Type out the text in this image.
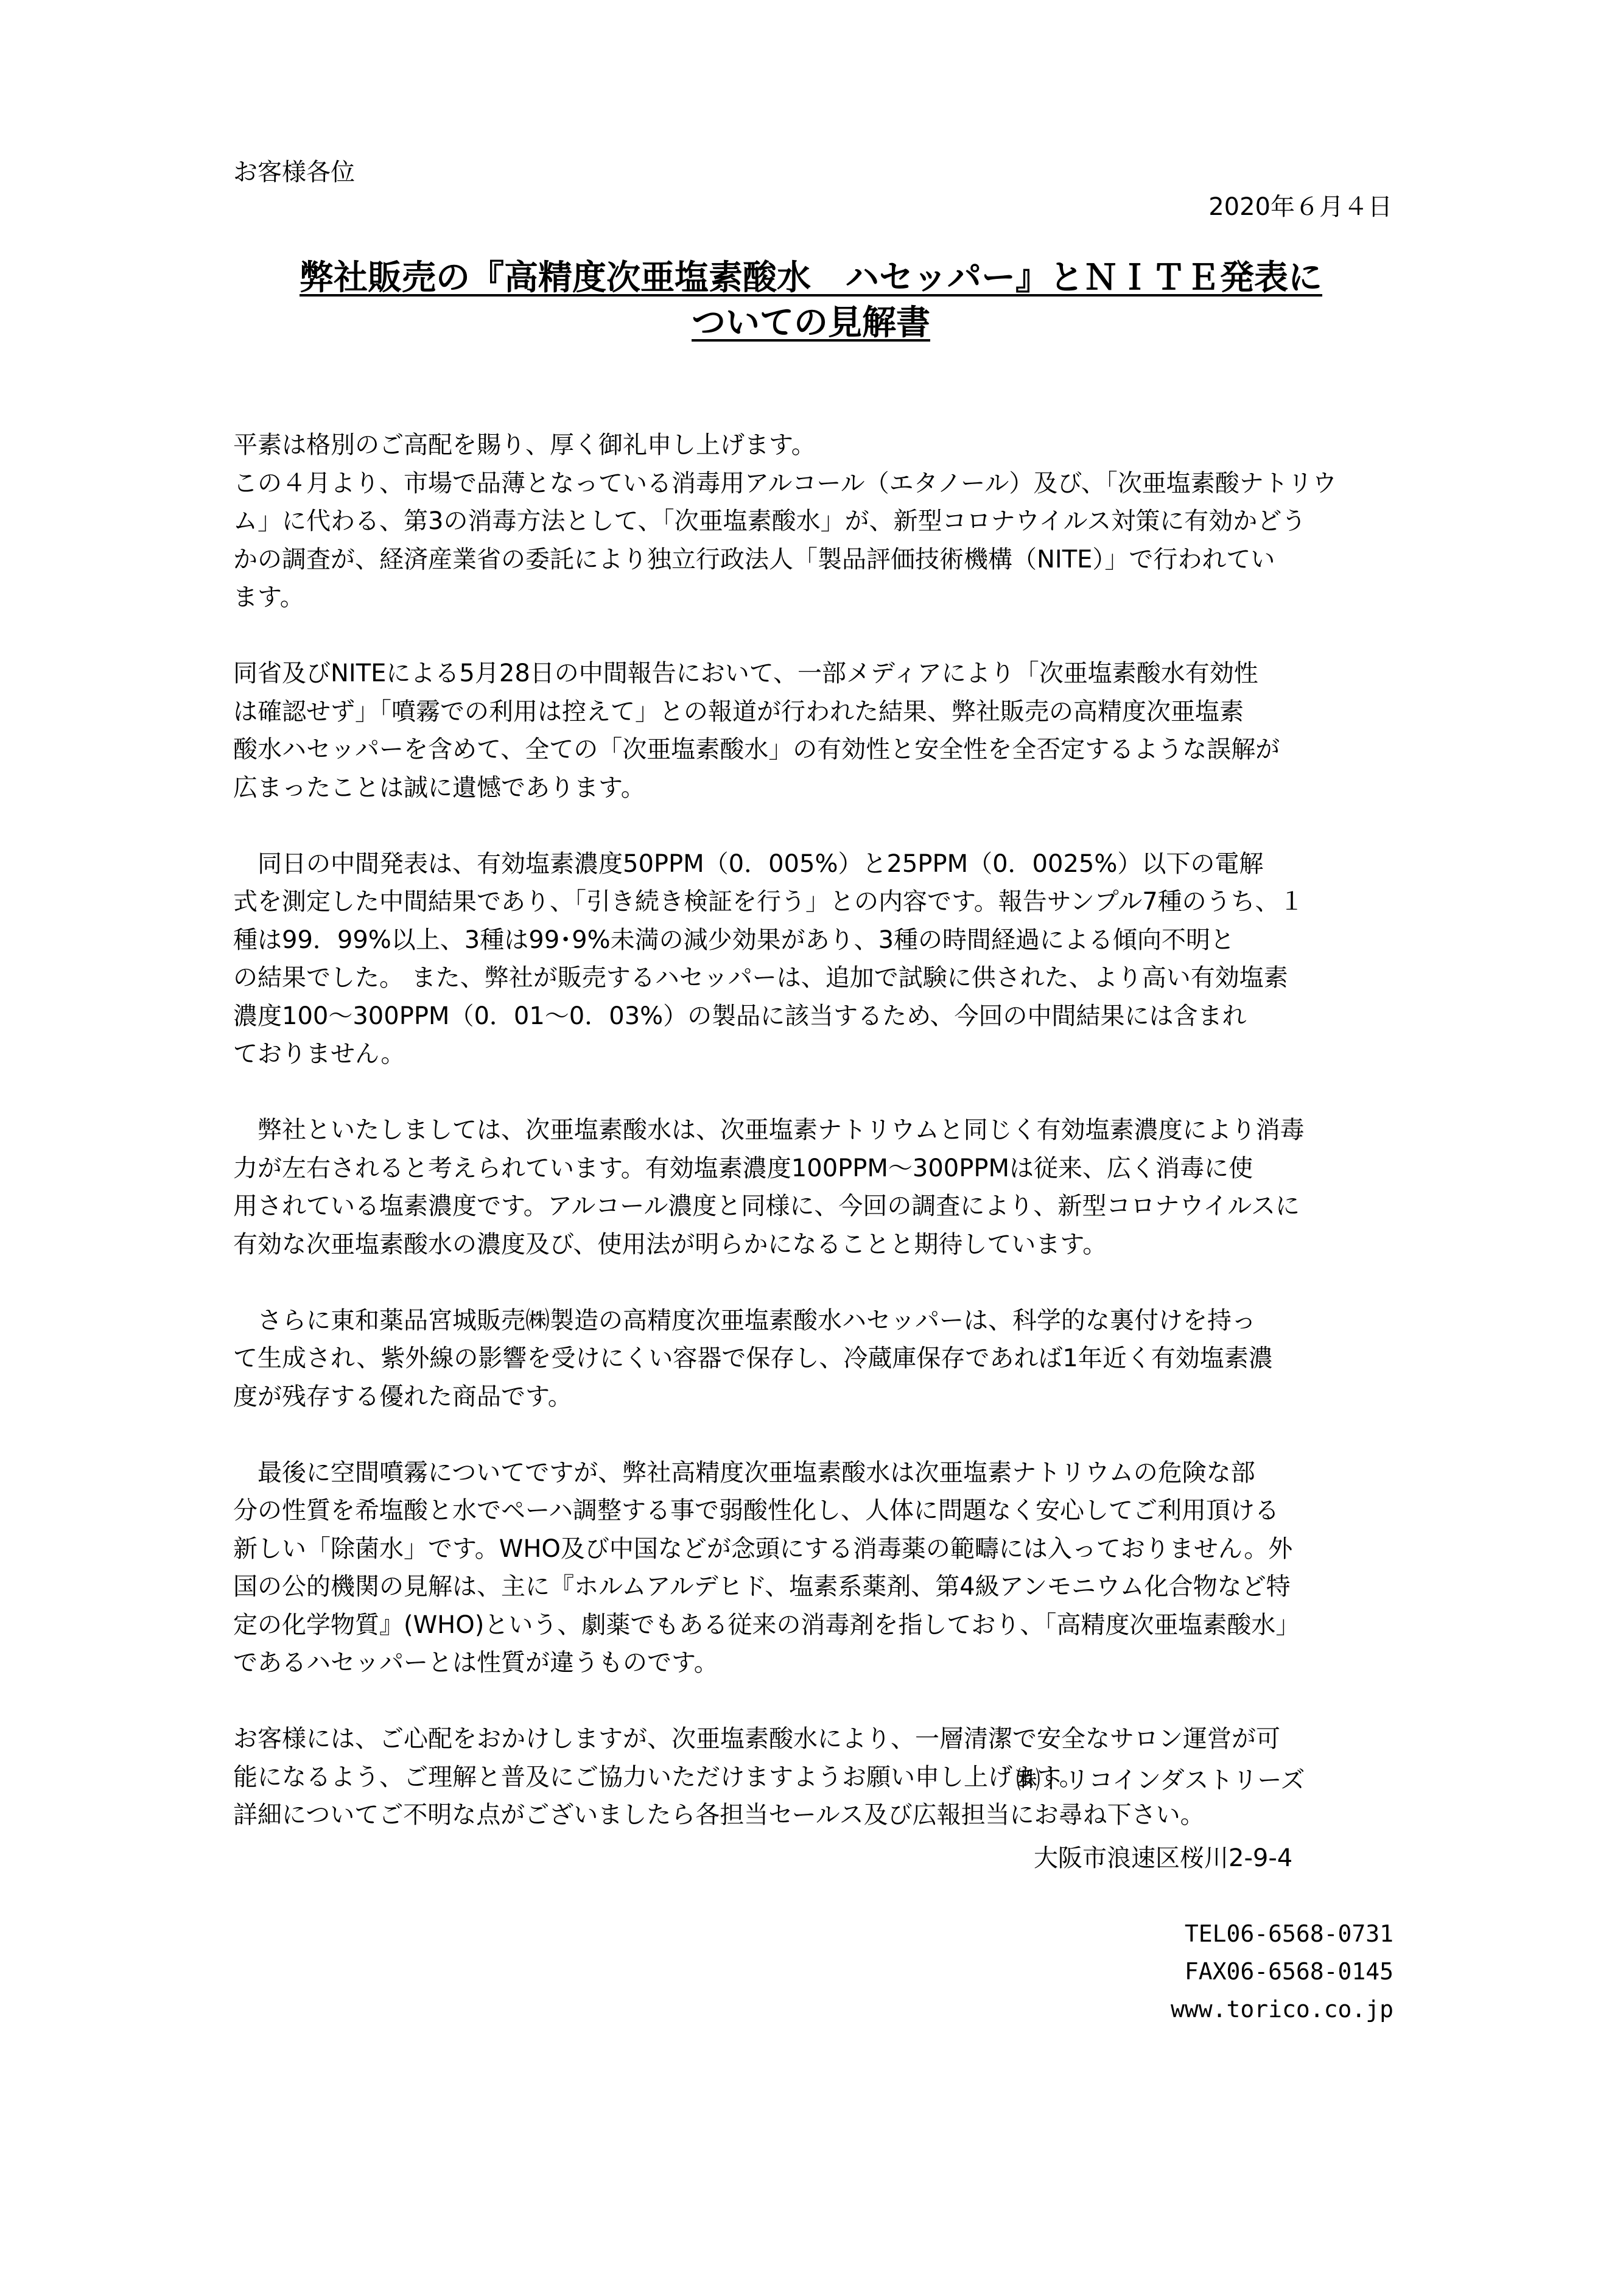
お客様各位
2020年６月４日
弊社販売の『高精度次亜塩素酸水　ハセッパー』とＮＩＴＥ発表に
ついての見解書
平素は格別のご高配を賜り、厚く御礼申し上げます。
この４月より、市場で品薄となっている消毒用アルコール（エタノール）及び、「次亜塩素酸ナトリウ
ム」に代わる、第3の消毒方法として、「次亜塩素酸水」が、新型コロナウイルス対策に有効かどう
かの調査が、経済産業省の委託により独立行政法人「製品評価技術機構（NITE）」で行われてい
ます。
同省及びNITEによる5月28日の中間報告において、一部メディアにより「次亜塩素酸水有効性
は確認せず」「噴霧での利用は控えて」との報道が行われた結果、弊社販売の高精度次亜塩素
酸水ハセッパーを含めて、全ての「次亜塩素酸水」の有効性と安全性を全否定するような誤解が
広まったことは誠に遺憾であります。
　同日の中間発表は、有効塩素濃度50PPM（0．005%）と25PPM（0．0025%）以下の電解
式を測定した中間結果であり、「引き続き検証を行う」との内容です。報告サンプル7種のうち、１
種は99．99%以上、3種は99･9%未満の減少効果があり、3種の時間経過による傾向不明と
の結果でした。 また、弊社が販売するハセッパーは、追加で試験に供された、より高い有効塩素
濃度100～300PPM（0．01～0．03%）の製品に該当するため、今回の中間結果には含まれ
ておりません。
　弊社といたしましては、次亜塩素酸水は、次亜塩素ナトリウムと同じく有効塩素濃度により消毒
力が左右されると考えられています。有効塩素濃度100PPM～300PPMは従来、広く消毒に使
用されている塩素濃度です。アルコール濃度と同様に、今回の調査により、新型コロナウイルスに
有効な次亜塩素酸水の濃度及び、使用法が明らかになることと期待しています。
　さらに東和薬品宮城販売㈱製造の高精度次亜塩素酸水ハセッパーは、科学的な裏付けを持っ
て生成され、紫外線の影響を受けにくい容器で保存し、冷蔵庫保存であれば1年近く有効塩素濃
度が残存する優れた商品です。
　最後に空間噴霧についてですが、弊社高精度次亜塩素酸水は次亜塩素ナトリウムの危険な部
分の性質を希塩酸と水でペーハ調整する事で弱酸性化し、人体に問題なく安心してご利用頂ける
新しい「除菌水」です。WHO及び中国などが念頭にする消毒薬の範疇には入っておりません。外
国の公的機関の見解は、主に『ホルムアルデヒド、塩素系薬剤、第4級アンモニウム化合物など特
定の化学物質』(WHO)という、劇薬でもある従来の消毒剤を指しており、「高精度次亜塩素酸水」
であるハセッパーとは性質が違うものです。
お客様には、ご心配をおかけしますが、次亜塩素酸水により、一層清潔で安全なサロン運営が可
能になるよう、ご理解と普及にご協力いただけますようお願い申し上げます。
詳細についてご不明な点がございましたら各担当セールス及び広報担当にお尋ね下さい。
㈱トリコインダストリーズ
大阪市浪速区桜川2-9-4
TEL06-6568-0731
FAX06-6568-0145
www.torico.co.jp
